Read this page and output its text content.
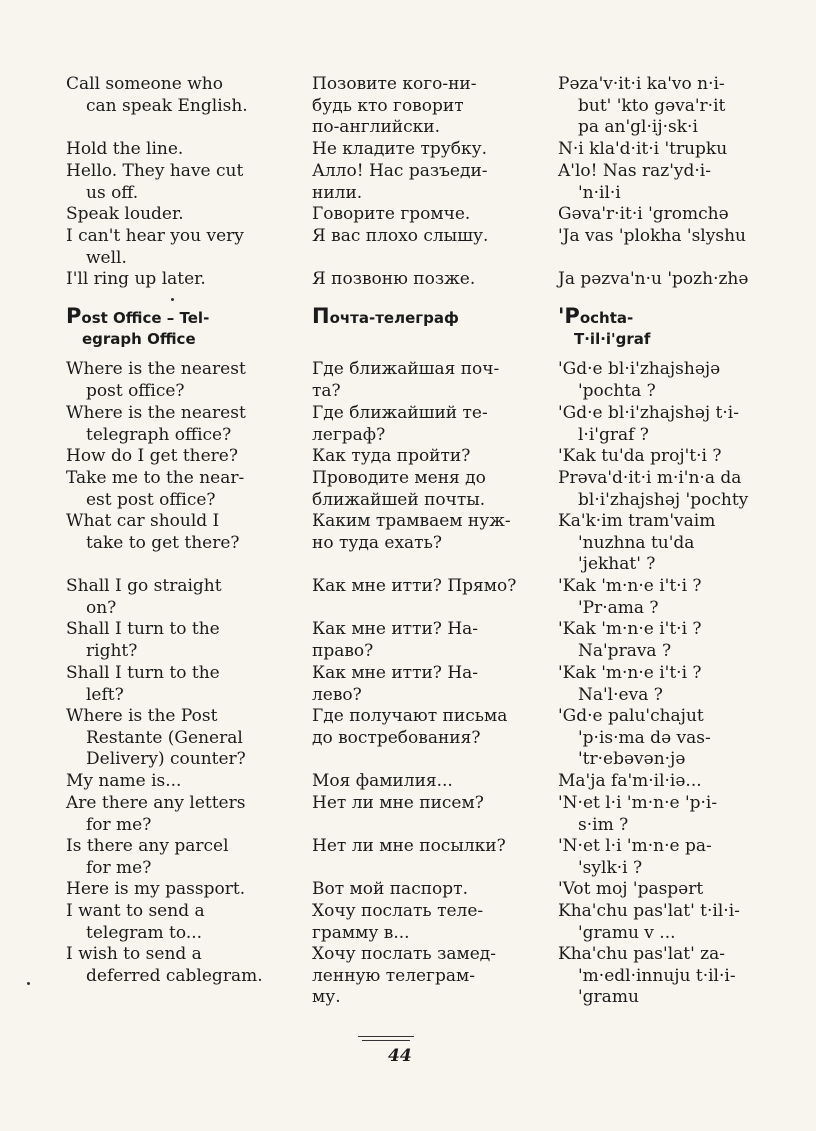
Call someone who
can speak English.
Hold the line.
Hello. They have cut
us off.
Speak louder.
I can't hear you very
well.
I'll ring up later.
Where is the nearest
post office?
Where is the nearest
telegraph office?
How do I get there?
Take me to the near-
est post office?
What car should I
take to get there?
Shall I go straight
on?
Shall I turn to the
right?
Shall I turn to the
left?
Where is the Post
Restante (General
Delivery) counter?
My name is...
Are there any letters
for me?
Is there any parcel
for me?
Here is my passport.
I want to send a
telegram to...
I wish to send a
deferred cablegram.
Post Office – Tel-
egraph Office
Позовите кого-ни-
будь кто говорит
по-английски.
Не кладите трубку.
Алло! Нас разъеди-
нили.
Говорите громче.
Я вас плохо слышу.
Я позвоню позже.
Где ближайшая поч-
та?
Где ближайший те-
леграф?
Как туда пройти?
Проводите меня до
ближайшей почты.
Каким трамваем нуж-
но туда ехать?
Как мне итти? Прямо?
Как мне итти? На-
право?
Как мне итти? На-
лево?
Где получают письма
до востребования?
Моя фамилия...
Нет ли мне писем?
Нет ли мне посылки?
Вот мой паспорт.
Хочу послать теле-
грамму в...
Хочу послать замед-
ленную телеграм-
му.
Почта-телеграф
Pəza'v·it·i ka'vo n·i-
but' 'kto gəva'r·it
pa an'gl·ij·sk·i
N·i kla'd·it·i 'trupku
A'lo! Nas raz'yd·i-
'n·il·i
Gəva'r·it·i 'gromchə
'Ja vas 'plokha 'slyshu
Ja pəzva'n·u 'pozh·zhə
'Gd·e bl·i'zhajshəjə
'pochta ?
'Gd·e bl·i'zhajshəj t·i-
l·i'graf ?
'Kak tu'da proj't·i ?
Prəva'd·it·i m·i'n·a da
bl·i'zhajshəj 'pochty
Ka'k·im tram'vaim
'nuzhna tu'da
'jekhat' ?
'Kak 'm·n·e i't·i ?
'Pr·ama ?
'Kak 'm·n·e i't·i ?
Na'prava ?
'Kak 'm·n·e i't·i ?
Na'l·eva ?
'Gd·e palu'chajut
'p·is·ma də vas-
'tr·ebəvən·jə
Ma'ja fa'm·il·iə...
'N·et l·i 'm·n·e 'p·i-
s·im ?
'N·et l·i 'm·n·e pa-
'sylk·i ?
'Vot moj 'paspərt
Kha'chu pas'lat' t·il·i-
'gramu v ...
Kha'chu pas'lat' za-
'm·edl·innuju t·il·i-
'gramu
'Pochta-
T·il·i'graf
44
